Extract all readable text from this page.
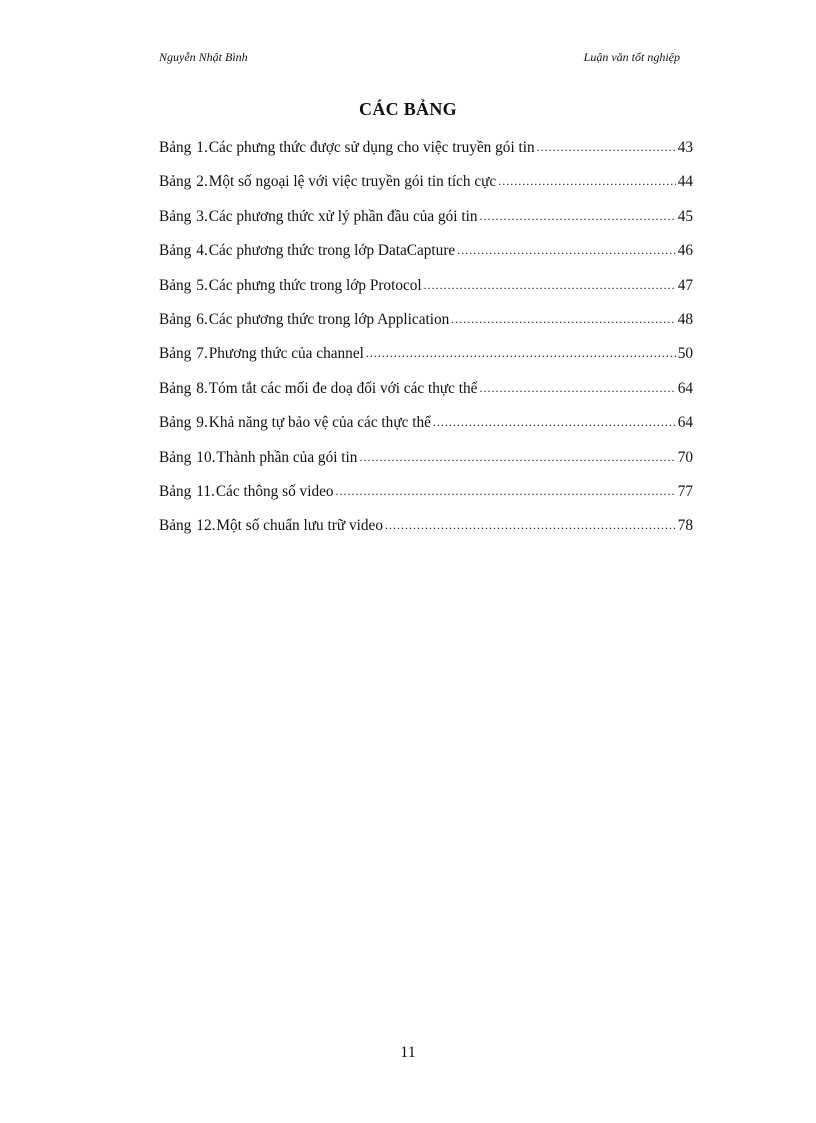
Nguyễn Nhật Bình	Luận văn tốt nghiệp
CÁC BẢNG
Bảng 1. Các phưng thức được sử dụng cho việc truyền gói tin .....	43
Bảng 2. Một số ngoại lệ với việc truyền gói tin tích cực .....	44
Bảng 3. Các phương thức xử lý phần đầu của gói tin .....	45
Bảng 4. Các phương thức trong lớp DataCapture .....	46
Bảng 5. Các phưng thức trong lớp Protocol .....	47
Bảng 6. Các phương thức trong lớp Application .....	48
Bảng 7. Phương thức của channel .....	50
Bảng 8. Tóm tắt các mối đe doạ đối với các thực thể .....	64
Bảng 9. Khả năng tự bảo vệ của các thực thể .....	64
Bảng 10. Thành phần của gói tin .....	70
Bảng 11. Các thông số video .....	77
Bảng 12. Một số chuẩn lưu trữ video .....	78
11
